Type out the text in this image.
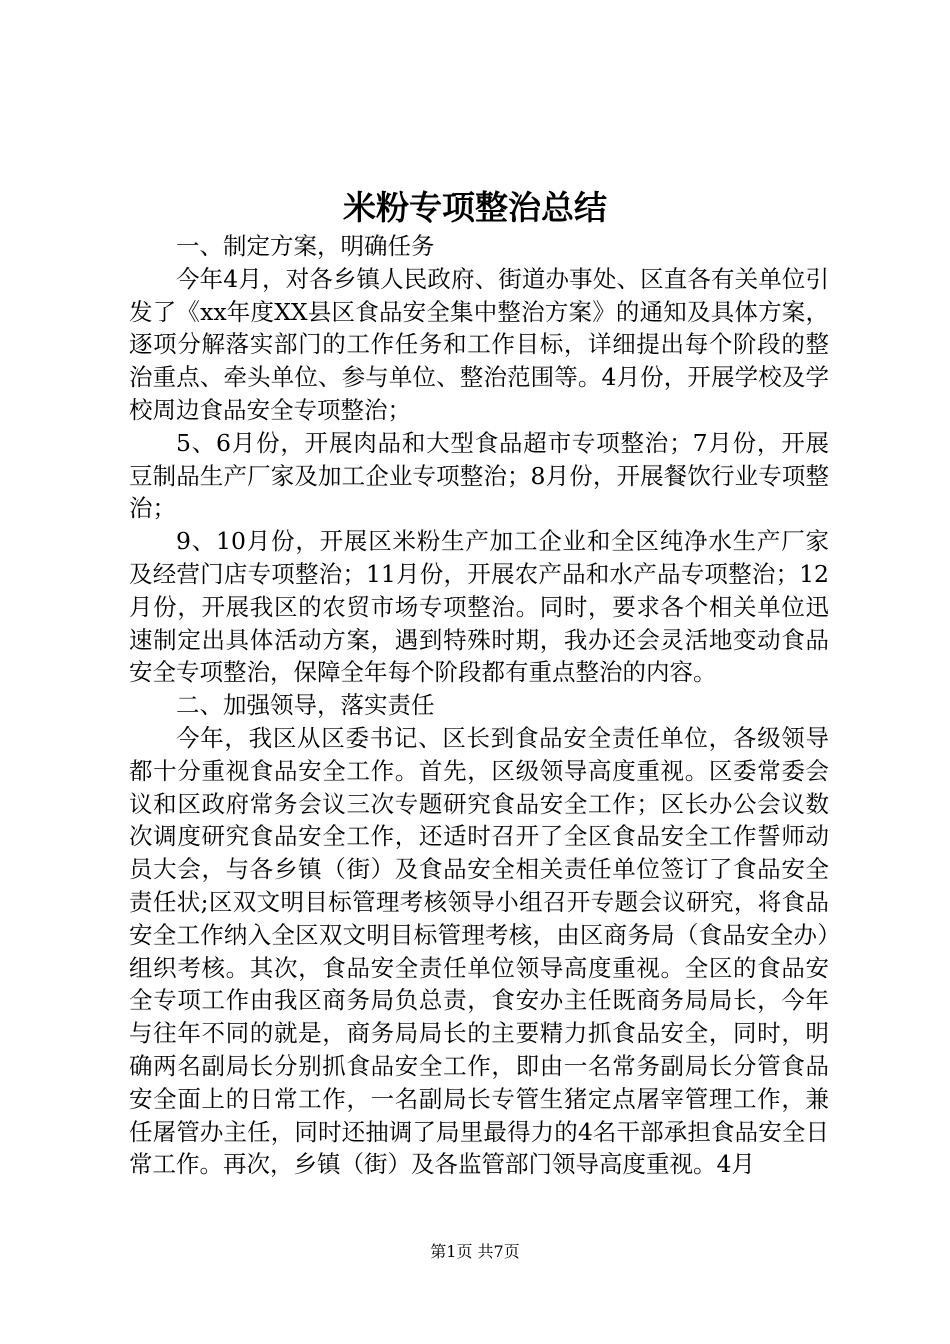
米粉专项整治总结

一、制定方案，明确任务

今年4月，对各乡镇人民政府、街道办事处、区直各有关单位引发了《xx年度XX县区食品安全集中整治方案》的通知及具体方案，逐项分解落实部门的工作任务和工作目标，详细提出每个阶段的整治重点、牵头单位、参与单位、整治范围等。4月份，开展学校及学校周边食品安全专项整治；

5、6月份，开展肉品和大型食品超市专项整治；7月份，开展豆制品生产厂家及加工企业专项整治；8月份，开展餐饮行业专项整治；

9、10月份，开展区米粉生产加工企业和全区纯净水生产厂家及经营门店专项整治；11月份，开展农产品和水产品专项整治；12月份，开展我区的农贸市场专项整治。同时，要求各个相关单位迅速制定出具体活动方案，遇到特殊时期，我办还会灵活地变动食品安全专项整治，保障全年每个阶段都有重点整治的内容。

二、加强领导，落实责任

今年，我区从区委书记、区长到食品安全责任单位，各级领导都十分重视食品安全工作。首先，区级领导高度重视。区委常委会议和区政府常务会议三次专题研究食品安全工作；区长办公会议数次调度研究食品安全工作，还适时召开了全区食品安全工作誓师动员大会，与各乡镇（街）及食品安全相关责任单位签订了食品安全责任状;区双文明目标管理考核领导小组召开专题会议研究，将食品安全工作纳入全区双文明目标管理考核，由区商务局（食品安全办）组织考核。其次，食品安全责任单位领导高度重视。全区的食品安全专项工作由我区商务局负总责，食安办主任既商务局局长，今年与往年不同的就是，商务局局长的主要精力抓食品安全，同时，明确两名副局长分别抓食品安全工作，即由一名常务副局长分管食品安全面上的日常工作，一名副局长专管生猪定点屠宰管理工作，兼任屠管办主任，同时还抽调了局里最得力的4名干部承担食品安全日常工作。再次，乡镇（街）及各监管部门领导高度重视。4月

第1页 共7页
